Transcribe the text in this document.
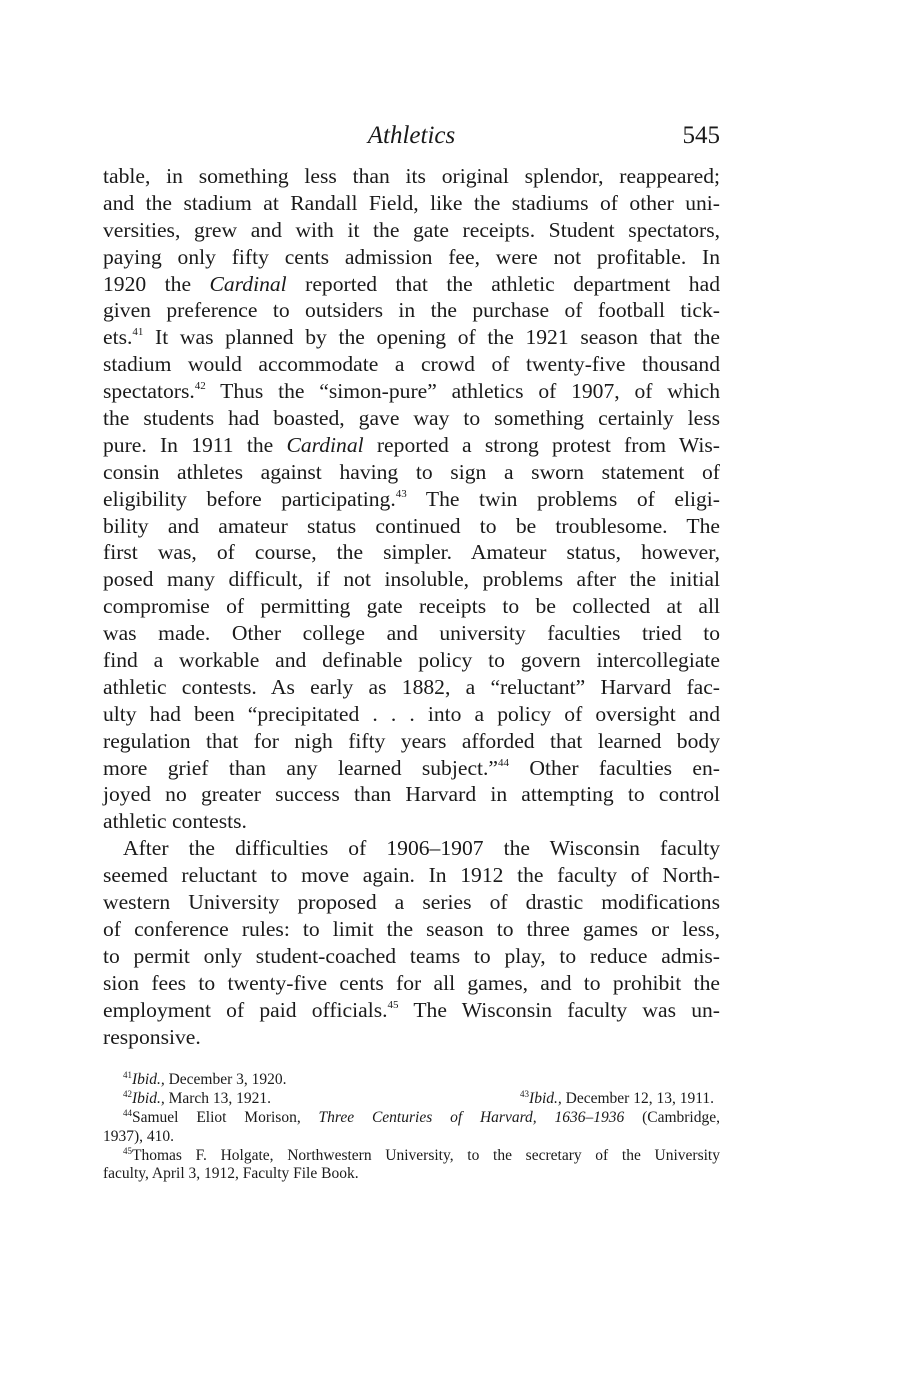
Athletics	545
table, in something less than its original splendor, reappeared;
and the stadium at Randall Field, like the stadiums of other uni-
versities, grew and with it the gate receipts. Student spectators,
paying only fifty cents admission fee, were not profitable. In
1920 the Cardinal reported that the athletic department had
given preference to outsiders in the purchase of football tick-
ets.$^{41}$ It was planned by the opening of the 1921 season that the
stadium would accommodate a crowd of twenty-five thousand
spectators.$^{42}$ Thus the “simon-pure” athletics of 1907, of which
the students had boasted, gave way to something certainly less
pure. In 1911 the Cardinal reported a strong protest from Wis-
consin athletes against having to sign a sworn statement of
eligibility before participating.$^{43}$ The twin problems of eligi-
bility and amateur status continued to be troublesome. The
first was, of course, the simpler. Amateur status, however,
posed many difficult, if not insoluble, problems after the initial
compromise of permitting gate receipts to be collected at all
was made. Other college and university faculties tried to
find a workable and definable policy to govern intercollegiate
athletic contests. As early as 1882, a “reluctant” Harvard fac-
ulty had been “precipitated . . . into a policy of oversight and
regulation that for nigh fifty years afforded that learned body
more grief than any learned subject.”$^{44}$ Other faculties en-
joyed no greater success than Harvard in attempting to control
athletic contests.
After the difficulties of 1906–1907 the Wisconsin faculty
seemed reluctant to move again. In 1912 the faculty of North-
western University proposed a series of drastic modifications
of conference rules: to limit the season to three games or less,
to permit only student-coached teams to play, to reduce admis-
sion fees to twenty-five cents for all games, and to prohibit the
employment of paid officials.$^{45}$ The Wisconsin faculty was un-
responsive.
$^{41}$Ibid., December 3, 1920.
$^{42}$Ibid., March 13, 1921.	$^{43}$Ibid., December 12, 13, 1911.
$^{44}$Samuel Eliot Morison, Three Centuries of Harvard, 1636–1936 (Cambridge,
1937), 410.
$^{45}$Thomas F. Holgate, Northwestern University, to the secretary of the University
faculty, April 3, 1912, Faculty File Book.
